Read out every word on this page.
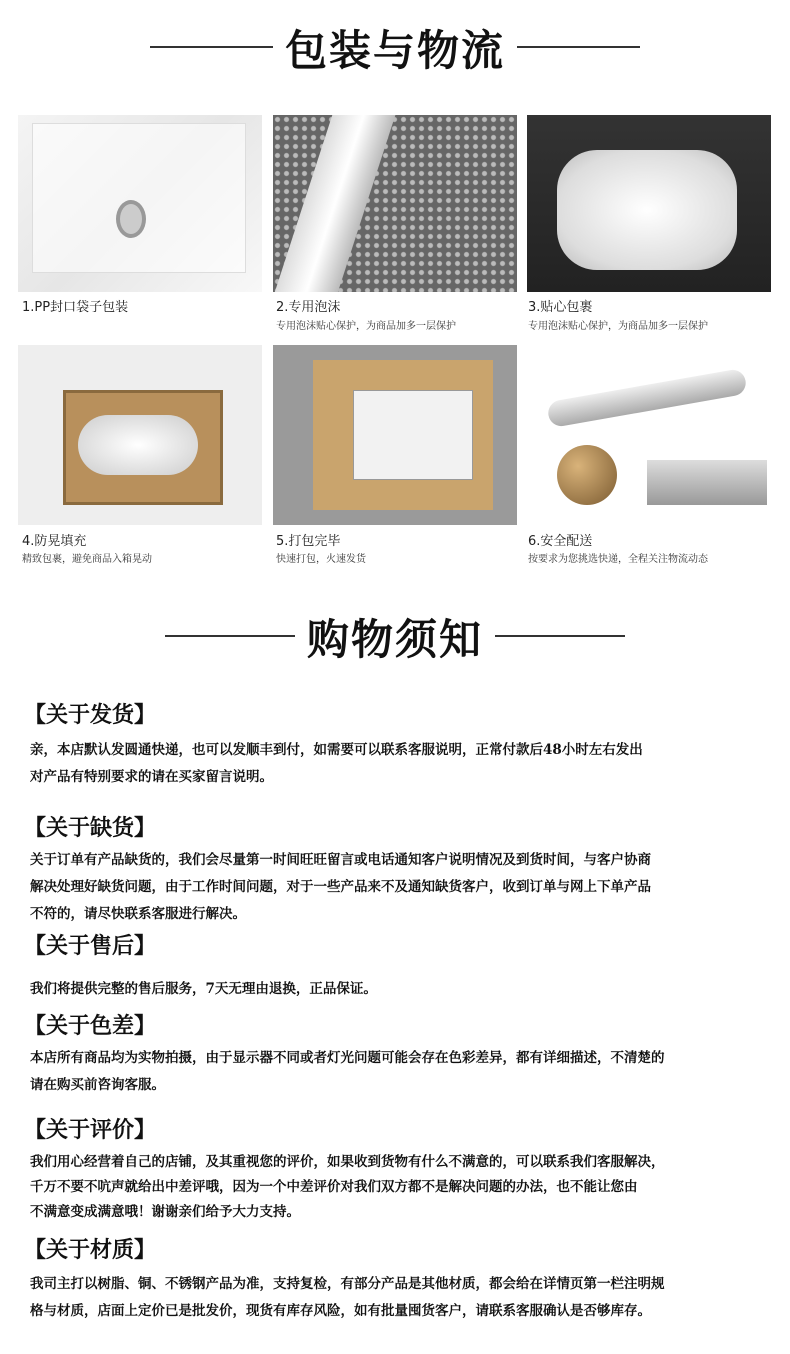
包装与物流
1.PP封口袋子包装	2.专用泡沫
专用泡沫贴心保护，为商品加多一层保护
3.贴心包裹
专用泡沫贴心保护，为商品加多一层保护
4.防晃填充
精致包裹，避免商品入箱晃动
5.打包完毕
快速打包，火速发货
6.安全配送
按要求为您挑选快递，全程关注物流动态
购物须知
【关于发货】
亲，本店默认发圆通快递，也可以发顺丰到付，如需要可以联系客服说明，正常付款后48小时左右发出
对产品有特别要求的请在买家留言说明。
【关于缺货】
关于订单有产品缺货的，我们会尽量第一时间旺旺留言或电话通知客户说明情况及到货时间，与客户协商
解决处理好缺货问题，由于工作时间问题，对于一些产品来不及通知缺货客户，收到订单与网上下单产品
不符的，请尽快联系客服进行解决。
【关于售后】
我们将提供完整的售后服务，7天无理由退换，正品保证。
【关于色差】
本店所有商品均为实物拍摄，由于显示器不同或者灯光问题可能会存在色彩差异，都有详细描述，不清楚的
请在购买前咨询客服。
【关于评价】
我们用心经营着自己的店铺，及其重视您的评价，如果收到货物有什么不满意的，可以联系我们客服解决，
千万不要不吭声就给出中差评哦，因为一个中差评价对我们双方都不是解决问题的办法，也不能让您由
不满意变成满意哦！谢谢亲们给予大力支持。
【关于材质】
我司主打以树脂、铜、不锈钢产品为准，支持复检，有部分产品是其他材质，都会给在详情页第一栏注明规
格与材质，店面上定价已是批发价，现货有库存风险，如有批量囤货客户，请联系客服确认是否够库存。
